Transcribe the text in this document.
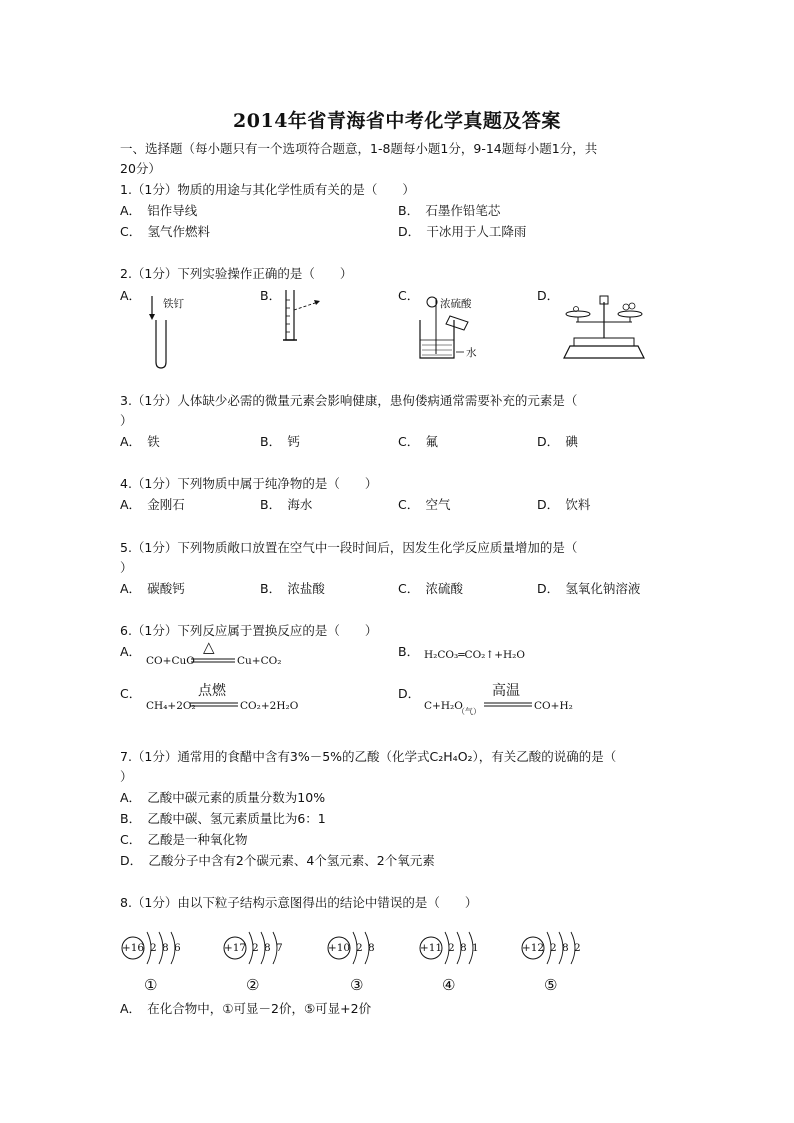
2014年省青海省中考化学真题及答案
一、选择题（每小题只有一个选项符合题意，1-8题每小题1分，9-14题每小题1分，共
20分）
1.（1分）物质的用途与其化学性质有关的是（　　）
A．　铝作导线	B．　石墨作铅笔芯
C．　氢气作燃料	D．　干冰用于人工降雨
2.（1分）下列实验操作正确的是（　　）
A．	B．	C．	D．
铁钉	浓硫酸
水
3.（1分）人体缺少必需的微量元素会影响健康，患佝偻病通常需要补充的元素是（
）
A．　铁	B．　钙	C．　氟	D．　碘
4.（1分）下列物质中属于纯净物的是（　　）
A．　金刚石	B．　海水	C．　空气	D．　饮料
5.（1分）下列物质敞口放置在空气中一段时间后，因发生化学反应质量增加的是（
）
A．　碳酸钙	B．　浓盐酸	C．　浓硫酸	D．　氢氧化钠溶液
6.（1分）下列反应属于置换反应的是（　　）
A．
CO+CuO
△
Cu+CO₂
B． H₂CO₃═CO₂↑+H₂O
C．
CH₄+2O₂
点燃
CO₂+2H₂O
D．
C+H₂O
（气）
高温
CO+H₂
7.（1分）通常用的食醋中含有3%－5%的乙酸（化学式C₂H₄O₂），有关乙酸的说确的是（
）
A．　乙酸中碳元素的质量分数为10%
B．　乙酸中碳、氢元素质量比为6：1
C．　乙酸是一种氧化物
D．　乙酸分子中含有2个碳元素、4个氢元素、2个氧元素
8.（1分）由以下粒子结构示意图得出的结论中错误的是（　　）
+16 2 8 6
①
+17 2 8 7
②
+10 2 8
③
+11 2 8 1
④
+12 2 8 2
⑤
A．　在化合物中，①可显－2价，⑤可显+2价
